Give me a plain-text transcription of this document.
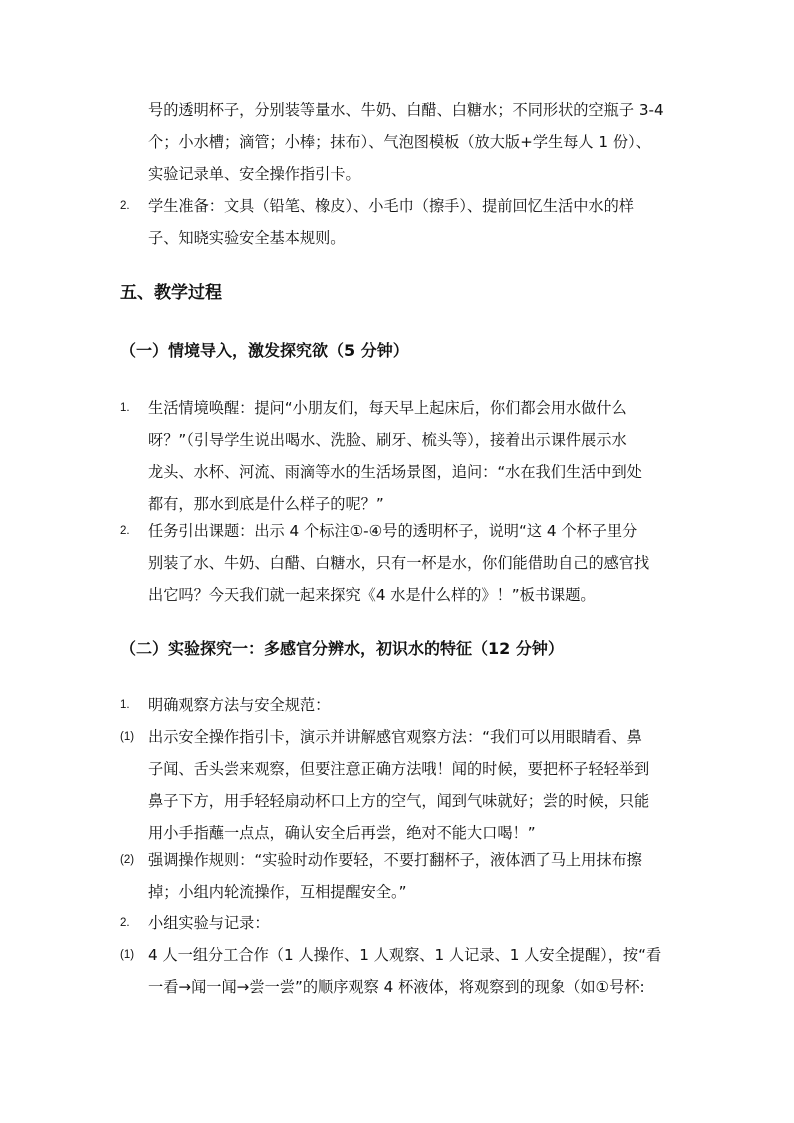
号的透明杯子，分别装等量水、牛奶、白醋、白糖水；不同形状的空瓶子 3-4
个；小水槽；滴管；小棒；抹布）、气泡图模板（放大版+学生每人 1 份）、
实验记录单、安全操作指引卡。
2. 学生准备：文具（铅笔、橡皮）、小毛巾（擦手）、提前回忆生活中水的样
子、知晓实验安全基本规则。
五、教学过程
（一）情境导入，激发探究欲（5 分钟）
1. 生活情境唤醒：提问“小朋友们，每天早上起床后，你们都会用水做什么
呀？”（引导学生说出喝水、洗脸、刷牙、梳头等），接着出示课件展示水
龙头、水杯、河流、雨滴等水的生活场景图，追问：“水在我们生活中到处
都有，那水到底是什么样子的呢？”
2. 任务引出课题：出示 4 个标注①-④号的透明杯子，说明“这 4 个杯子里分
别装了水、牛奶、白醋、白糖水，只有一杯是水，你们能借助自己的感官找
出它吗？今天我们就一起来探究《4 水是什么样的》！”板书课题。
（二）实验探究一：多感官分辨水，初识水的特征（12 分钟）
1. 明确观察方法与安全规范：
(1) 出示安全操作指引卡，演示并讲解感官观察方法：“我们可以用眼睛看、鼻
子闻、舌头尝来观察，但要注意正确方法哦！闻的时候，要把杯子轻轻举到
鼻子下方，用手轻轻扇动杯口上方的空气，闻到气味就好；尝的时候，只能
用小手指蘸一点点，确认安全后再尝，绝对不能大口喝！”
(2) 强调操作规则：“实验时动作要轻，不要打翻杯子，液体洒了马上用抹布擦
掉；小组内轮流操作，互相提醒安全。”
2. 小组实验与记录：
(1) 4 人一组分工合作（1 人操作、1 人观察、1 人记录、1 人安全提醒），按“看
一看→闻一闻→尝一尝”的顺序观察 4 杯液体，将观察到的现象（如①号杯:
